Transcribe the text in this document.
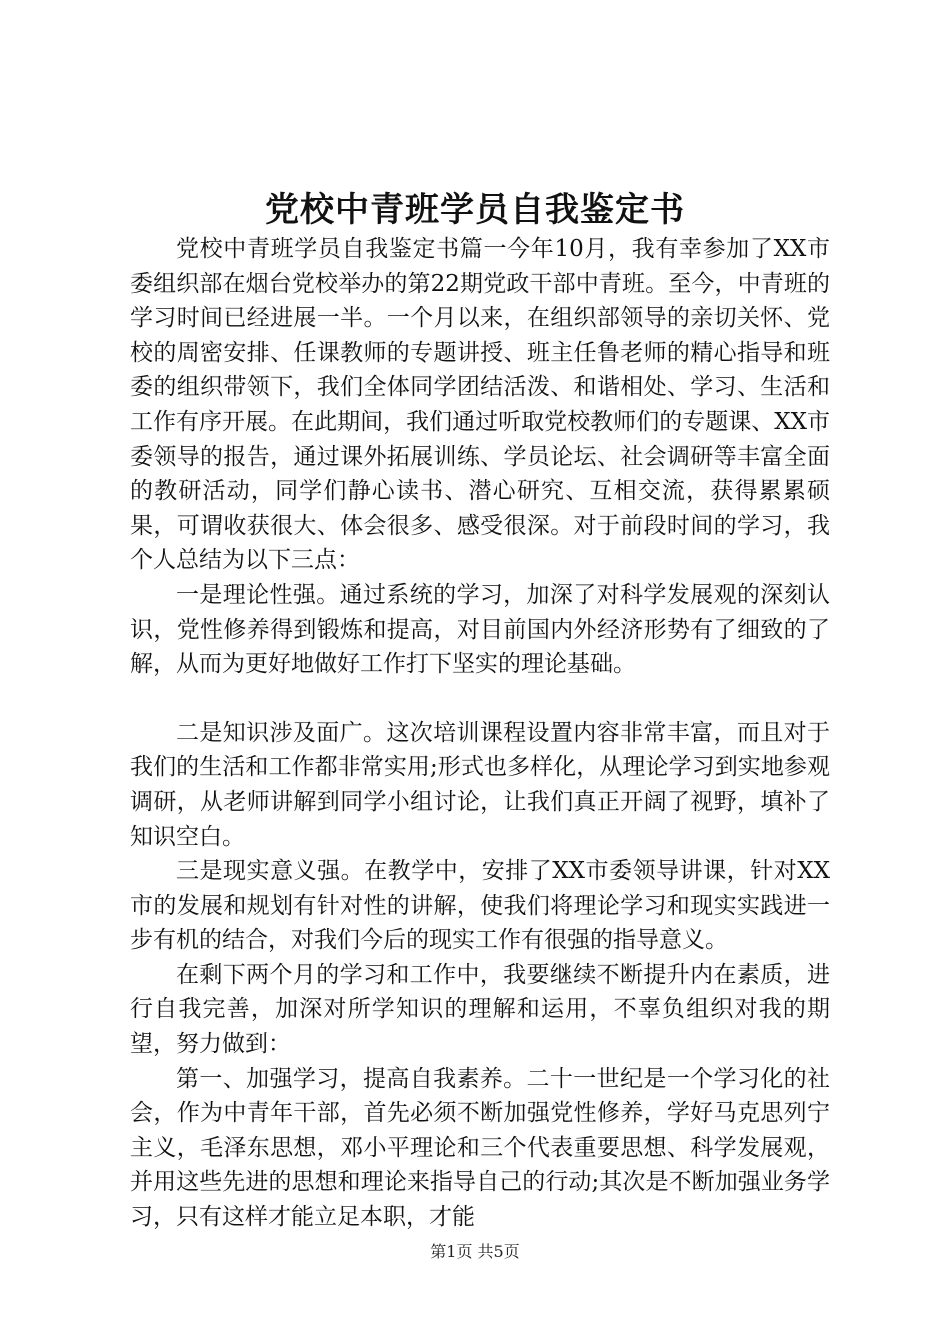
党校中青班学员自我鉴定书

党校中青班学员自我鉴定书篇一今年10月，我有幸参加了XX市委组织部在烟台党校举办的第22期党政干部中青班。至今，中青班的学习时间已经进展一半。一个月以来，在组织部领导的亲切关怀、党校的周密安排、任课教师的专题讲授、班主任鲁老师的精心指导和班委的组织带领下，我们全体同学团结活泼、和谐相处、学习、生活和工作有序开展。在此期间，我们通过听取党校教师们的专题课、XX市委领导的报告，通过课外拓展训练、学员论坛、社会调研等丰富全面的教研活动，同学们静心读书、潜心研究、互相交流，获得累累硕果，可谓收获很大、体会很多、感受很深。对于前段时间的学习，我个人总结为以下三点：

一是理论性强。通过系统的学习，加深了对科学发展观的深刻认识，党性修养得到锻炼和提高，对目前国内外经济形势有了细致的了解，从而为更好地做好工作打下坚实的理论基础。

二是知识涉及面广。这次培训课程设置内容非常丰富，而且对于我们的生活和工作都非常实用;形式也多样化，从理论学习到实地参观调研，从老师讲解到同学小组讨论，让我们真正开阔了视野，填补了知识空白。

三是现实意义强。在教学中，安排了XX市委领导讲课，针对XX市的发展和规划有针对性的讲解，使我们将理论学习和现实实践进一步有机的结合，对我们今后的现实工作有很强的指导意义。

在剩下两个月的学习和工作中，我要继续不断提升内在素质，进行自我完善，加深对所学知识的理解和运用，不辜负组织对我的期望，努力做到：

第一、加强学习，提高自我素养。二十一世纪是一个学习化的社会，作为中青年干部，首先必须不断加强党性修养，学好马克思列宁主义，毛泽东思想，邓小平理论和三个代表重要思想、科学发展观，并用这些先进的思想和理论来指导自己的行动;其次是不断加强业务学习，只有这样才能立足本职，才能

第1页 共5页
